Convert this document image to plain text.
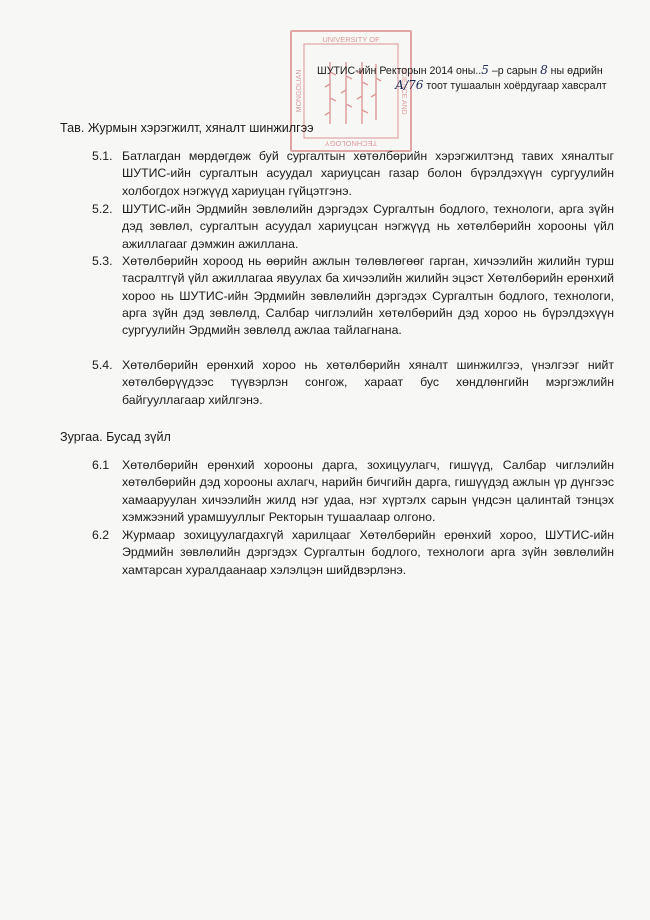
UNIVERSITY OF
TECHNOLOGY
MONGOLIAN	SCIENCE AND
ШУТИС-ийн Ректорын 2014 оны..5 –р сарын 8 ны өдрийн
А/76 тоот тушаалын хоёрдугаар хавсралт
Тав. Журмын хэрэгжилт, хяналт шинжилгээ
5.1. Батлагдан мөрдөгдөж буй сургалтын хөтөлбөрийн хэрэгжилтэнд тавих хяналтыг ШУТИС-ийн сургалтын асуудал хариуцсан газар болон бүрэлдэхүүн сургуулийн холбогдох нэгжүүд хариуцан гүйцэтгэнэ.
5.2. ШУТИС-ийн Эрдмийн зөвлөлийн дэргэдэх Сургалтын бодлого, технологи, арга зүйн дэд зөвлөл, сургалтын асуудал хариуцсан нэгжүүд нь хөтөлбөрийн хорооны үйл ажиллагааг дэмжин ажиллана.
5.3. Хөтөлбөрийн хороод нь өөрийн ажлын төлөвлөгөөг гарган, хичээлийн жилийн турш тасралтгүй үйл ажиллагаа явуулах ба хичээлийн жилийн эцэст Хөтөлбөрийн ерөнхий хороо нь ШУТИС-ийн Эрдмийн зөвлөлийн дэргэдэх Сургалтын бодлого, технологи, арга зүйн дэд зөвлөлд, Салбар чиглэлийн хөтөлбөрийн дэд хороо нь бүрэлдэхүүн сургуулийн Эрдмийн зөвлөлд ажлаа тайлагнана.
5.4. Хөтөлбөрийн ерөнхий хороо нь хөтөлбөрийн хяналт шинжилгээ, үнэлгээг нийт хөтөлбөрүүдээс түүвэрлэн сонгож, хараат бус хөндлөнгийн мэргэжлийн байгууллагаар хийлгэнэ.
Зургаа. Бусад зүйл
6.1 Хөтөлбөрийн ерөнхий хорооны дарга, зохицуулагч, гишүүд, Салбар чиглэлийн хөтөлбөрийн дэд хорооны ахлагч, нарийн бичгийн дарга, гишүүдэд ажлын үр дүнгээс хамааруулан хичээлийн жилд нэг удаа, нэг хүртэлх сарын үндсэн цалинтай тэнцэх хэмжээний урамшууллыг Ректорын тушаалаар олгоно.
6.2 Журмаар зохицуулагдахгүй харилцааг Хөтөлбөрийн ерөнхий хороо, ШУТИС-ийн Эрдмийн зөвлөлийн дэргэдэх Сургалтын бодлого, технологи арга зүйн зөвлөлийн хамтарсан хуралдаанаар хэлэлцэн шийдвэрлэнэ.
